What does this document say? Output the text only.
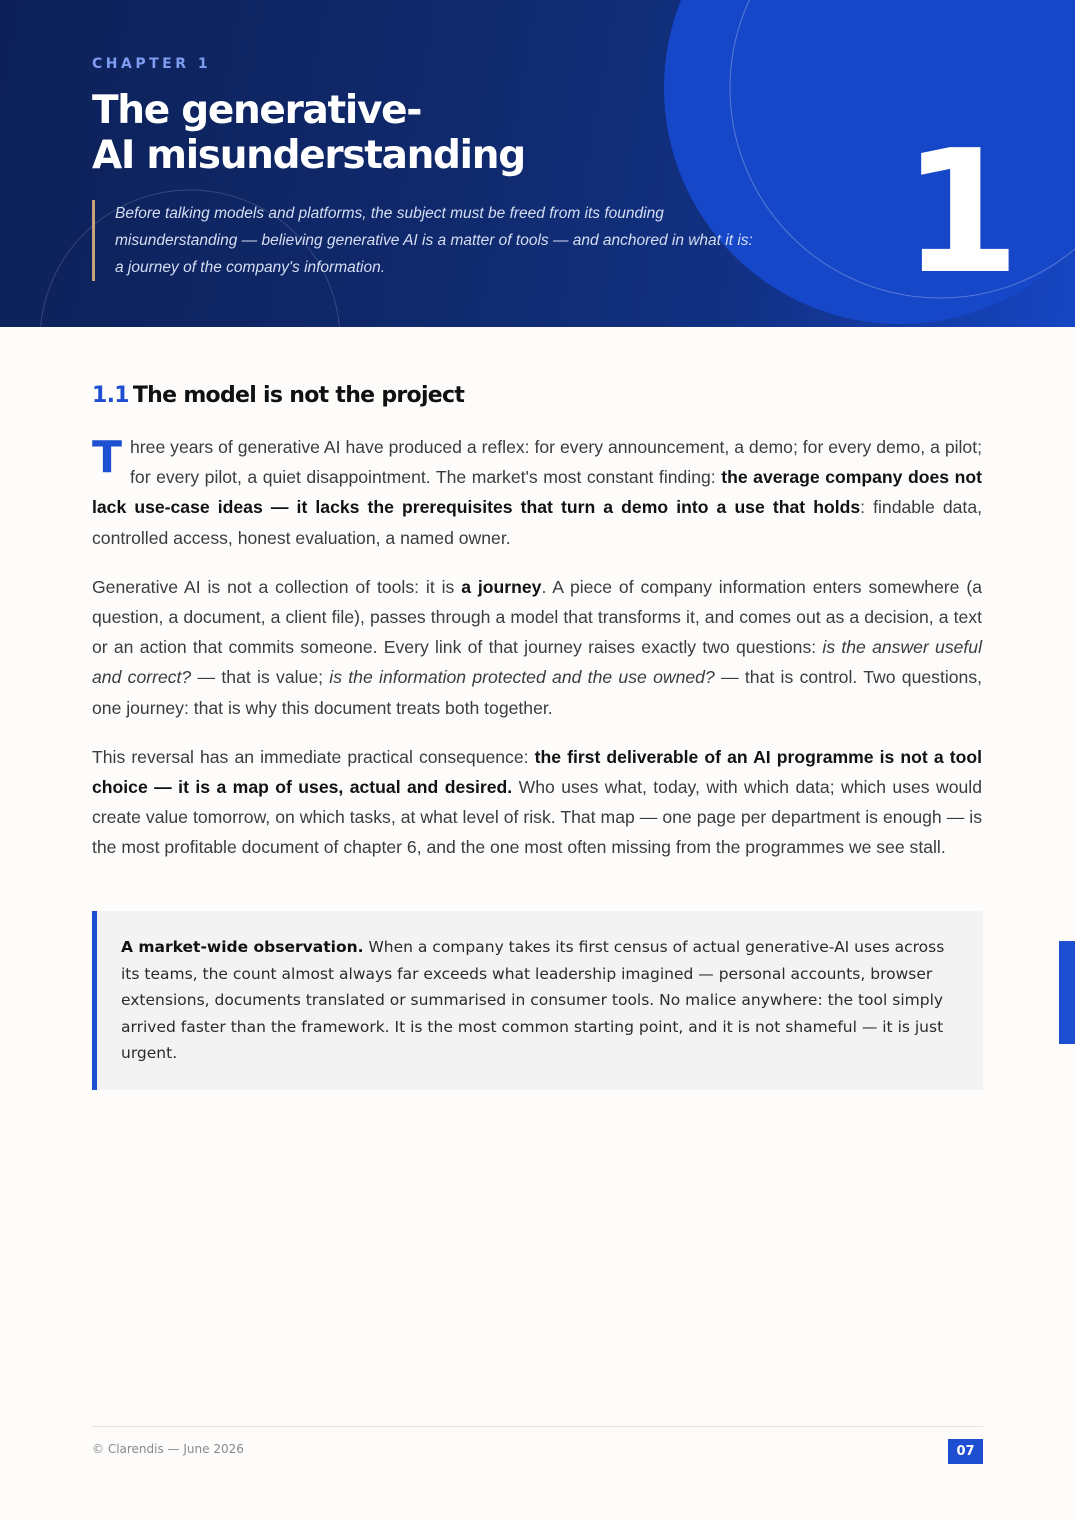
CHAPTER 1
The generative-
AI misunderstanding
Before talking models and platforms, the subject must be freed from its founding misunderstanding — believing generative AI is a matter of tools — and anchored in what it is: a journey of the company's information.	1
1.1 The model is not the project

Three years of generative AI have produced a reflex: for every announcement, a demo; for every demo, a pilot; for every pilot, a quiet disappointment. The market's most constant finding: the average company does not lack use-case ideas — it lacks the prerequisites that turn a demo into a use that holds: findable data, controlled access, honest evaluation, a named owner.

Generative AI is not a collection of tools: it is a journey. A piece of company information enters somewhere (a question, a document, a client file), passes through a model that transforms it, and comes out as a decision, a text or an action that commits someone. Every link of that journey raises exactly two questions: is the answer useful and correct? — that is value; is the information protected and the use owned? — that is control. Two questions, one journey: that is why this document treats both together.

This reversal has an immediate practical consequence: the first deliverable of an AI programme is not a tool choice — it is a map of uses, actual and desired. Who uses what, today, with which data; which uses would create value tomorrow, on which tasks, at what level of risk. That map — one page per department is enough — is the most profitable document of chapter 6, and the one most often missing from the programmes we see stall.

A market-wide observation. When a company takes its first census of actual generative-AI uses across its teams, the count almost always far exceeds what leadership imagined — personal accounts, browser extensions, documents translated or summarised in consumer tools. No malice anywhere: the tool simply arrived faster than the framework. It is the most common starting point, and it is not shameful — it is just urgent.
© Clarendis — June 2026	07
